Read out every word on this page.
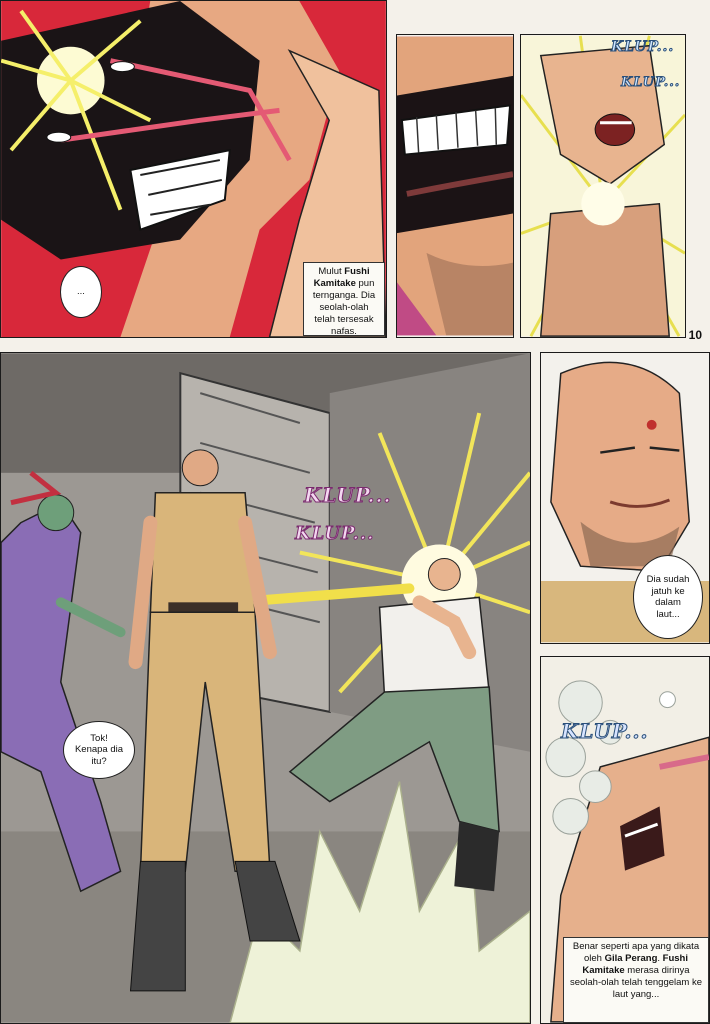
...
Mulut Fushi Kamitake pun ternganga. Dia seolah-olah telah tersesak nafas.
KLUP...
KLUP...
10
KLUP...
KLUP...
Tok! Kenapa dia itu?
Dia sudah jatuh ke dalam laut...
KLUP...
Benar seperti apa yang dikata oleh Gila Perang. Fushi Kamitake merasa dirinya seolah-olah telah tenggelam ke laut yang...
